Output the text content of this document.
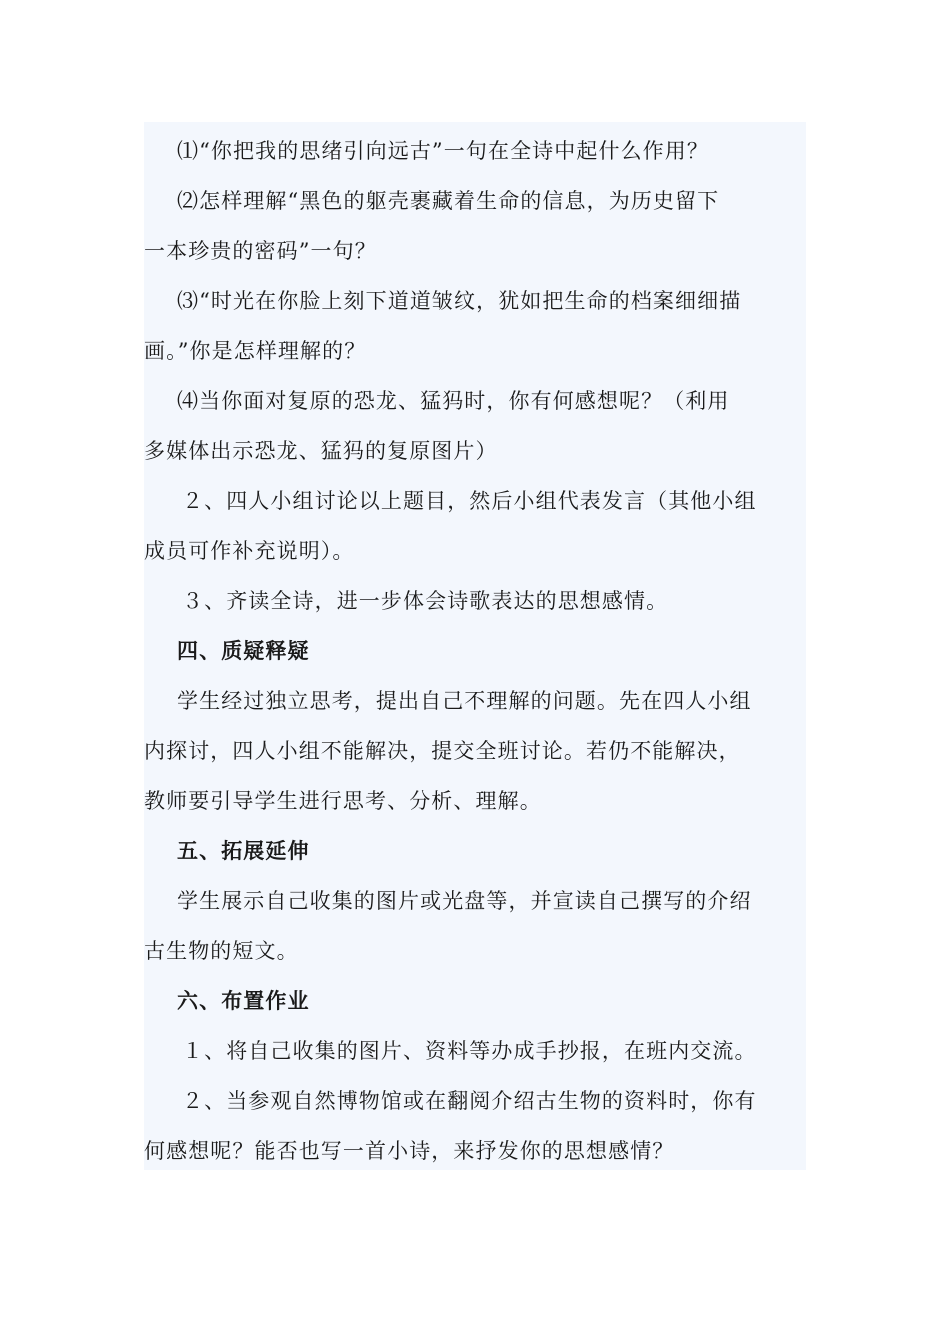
⑴“你把我的思绪引向远古”一句在全诗中起什么作用？
⑵怎样理解“黑色的躯壳裹藏着生命的信息，为历史留下
一本珍贵的密码”一句？
⑶“时光在你脸上刻下道道皱纹，犹如把生命的档案细细描
画。”你是怎样理解的？
⑷当你面对复原的恐龙、猛犸时，你有何感想呢？（利用
多媒体出示恐龙、猛犸的复原图片）
２、四人小组讨论以上题目，然后小组代表发言（其他小组
成员可作补充说明）。
３、齐读全诗，进一步体会诗歌表达的思想感情。
四、质疑释疑
学生经过独立思考，提出自己不理解的问题。先在四人小组
内探讨，四人小组不能解决，提交全班讨论。若仍不能解决，
教师要引导学生进行思考、分析、理解。
五、拓展延伸
学生展示自己收集的图片或光盘等，并宣读自己撰写的介绍
古生物的短文。
六、布置作业
１、将自己收集的图片、资料等办成手抄报，在班内交流。
２、当参观自然博物馆或在翻阅介绍古生物的资料时，你有
何感想呢？能否也写一首小诗，来抒发你的思想感情？
